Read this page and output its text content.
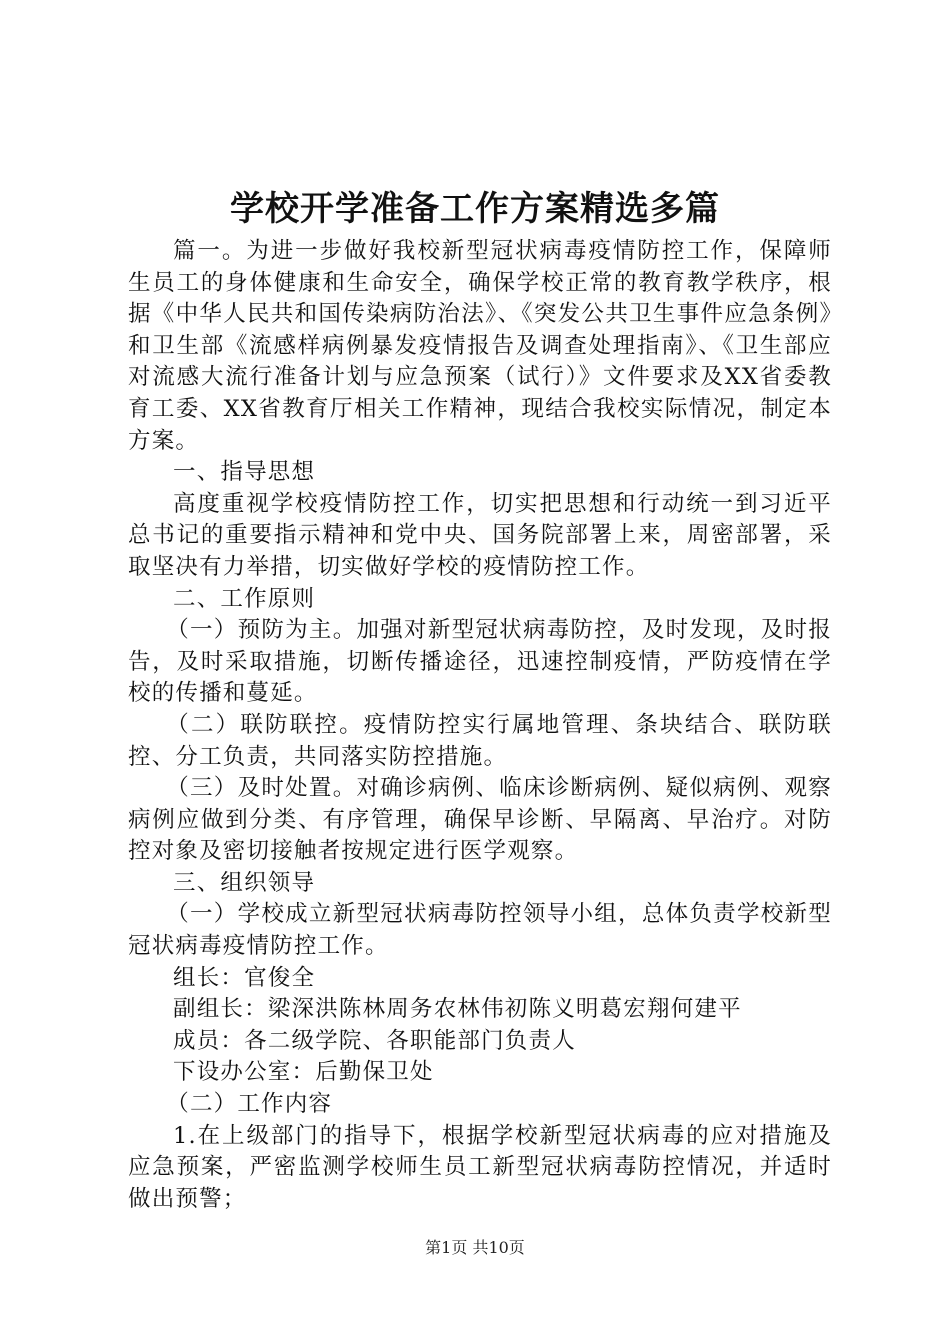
学校开学准备工作方案精选多篇

篇一。为进一步做好我校新型冠状病毒疫情防控工作，保障师生员工的身体健康和生命安全，确保学校正常的教育教学秩序，根据《中华人民共和国传染病防治法》、《突发公共卫生事件应急条例》和卫生部《流感样病例暴发疫情报告及调查处理指南》、《卫生部应对流感大流行准备计划与应急预案（试行）》文件要求及XX省委教育工委、XX省教育厅相关工作精神，现结合我校实际情况，制定本方案。

一、指导思想

高度重视学校疫情防控工作，切实把思想和行动统一到习近平总书记的重要指示精神和党中央、国务院部署上来，周密部署，采取坚决有力举措，切实做好学校的疫情防控工作。

二、工作原则

（一）预防为主。加强对新型冠状病毒防控，及时发现，及时报告，及时采取措施，切断传播途径，迅速控制疫情，严防疫情在学校的传播和蔓延。

（二）联防联控。疫情防控实行属地管理、条块结合、联防联控、分工负责，共同落实防控措施。

（三）及时处置。对确诊病例、临床诊断病例、疑似病例、观察病例应做到分类、有序管理，确保早诊断、早隔离、早治疗。对防控对象及密切接触者按规定进行医学观察。

三、组织领导

（一）学校成立新型冠状病毒防控领导小组，总体负责学校新型冠状病毒疫情防控工作。

组长：官俊全

副组长：梁深洪陈林周务农林伟初陈义明葛宏翔何建平

成员：各二级学院、各职能部门负责人

下设办公室：后勤保卫处

（二）工作内容

1.在上级部门的指导下，根据学校新型冠状病毒的应对措施及应急预案，严密监测学校师生员工新型冠状病毒防控情况，并适时做出预警；

第1页 共10页
